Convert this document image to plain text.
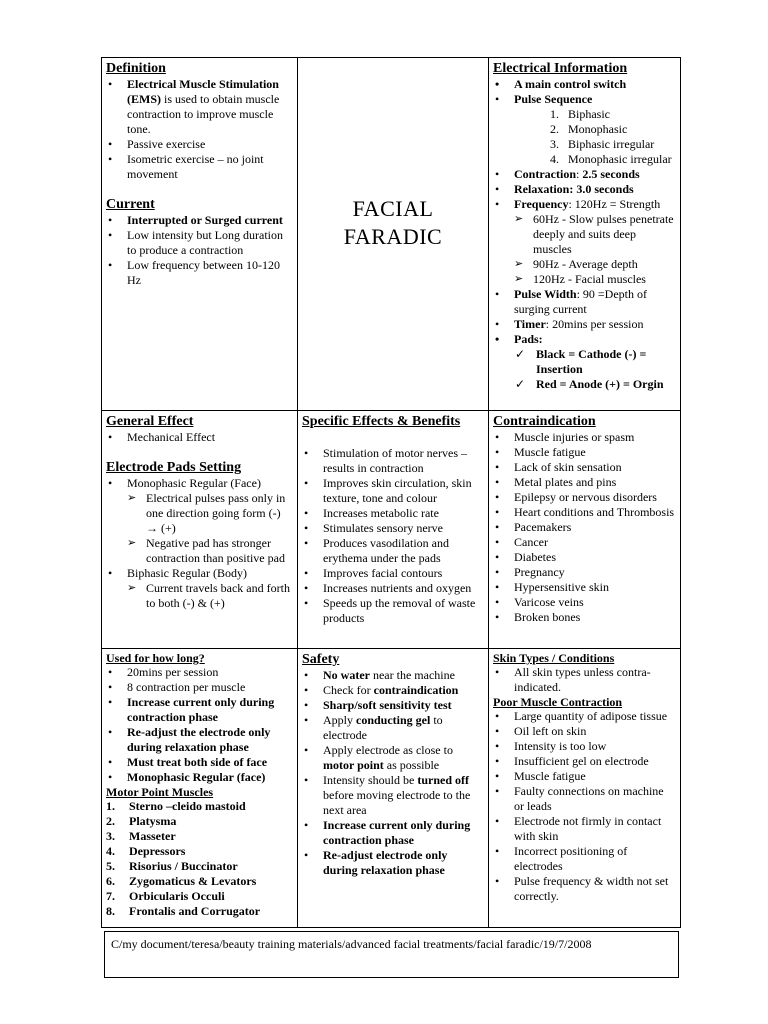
C/my document/teresa/beauty training materials/advanced facial treatments/facial faradic/19/7/2008
Definition
• Electrical Muscle Stimulation (EMS) is used to obtain muscle contraction to improve muscle tone.
• Passive exercise
• Isometric exercise – no joint movement
Current
• Interrupted or Surged current
• Low intensity but Long duration to produce a contraction
• Low frequency between 10-120 Hz
FACIAL
FARADIC
Electrical Information
• A main control switch
• Pulse Sequence
1. Biphasic
2. Monophasic
3. Biphasic irregular
4. Monophasic irregular
• Contraction: 2.5 seconds
• Relaxation: 3.0 seconds
• Frequency: 120Hz = Strength
➢ 60Hz - Slow pulses penetrate deeply and suits deep muscles
➢ 90Hz - Average depth
➢ 120Hz - Facial muscles
• Pulse Width: 90 =Depth of surging current
• Timer: 20mins per session
• Pads:
✓ Black = Cathode (-) = Insertion
✓ Red = Anode (+) = Orgin
General Effect
• Mechanical Effect
Electrode Pads Setting
• Monophasic Regular (Face)
➢ Electrical pulses pass only in one direction going form (-) → (+)
➢ Negative pad has stronger contraction than positive pad
• Biphasic Regular (Body)
➢ Current travels back and forth to both (-) & (+)
Specific Effects & Benefits
• Stimulation of motor nerves – results in contraction
• Improves skin circulation, skin texture, tone and colour
• Increases metabolic rate
• Stimulates sensory nerve
• Produces vasodilation and erythema under the pads
• Improves facial contours
• Increases nutrients and oxygen
• Speeds up the removal of waste products
Contraindication
• Muscle injuries or spasm
• Muscle fatigue
• Lack of skin sensation
• Metal plates and pins
• Epilepsy or nervous disorders
• Heart conditions and Thrombosis
• Pacemakers
• Cancer
• Diabetes
• Pregnancy
• Hypersensitive skin
• Varicose veins
• Broken bones
Used for how long?
• 20mins per session
• 8 contraction per muscle
• Increase current only during contraction phase
• Re-adjust the electrode only during relaxation phase
• Must treat both side of face
• Monophasic Regular (face)
Motor Point Muscles
1. Sterno –cleido mastoid
2. Platysma
3. Masseter
4. Depressors
5. Risorius / Buccinator
6. Zygomaticus & Levators
7. Orbicularis Occuli
8. Frontalis and Corrugator
Safety
• No water near the machine
• Check for contraindication
• Sharp/soft sensitivity test
• Apply conducting gel to electrode
• Apply electrode as close to motor point as possible
• Intensity should be turned off before moving electrode to the next area
• Increase current only during contraction phase
• Re-adjust electrode only during relaxation phase
Skin Types / Conditions
• All skin types unless contra-indicated.
Poor Muscle Contraction
• Large quantity of adipose tissue
• Oil left on skin
• Intensity is too low
• Insufficient gel on electrode
• Muscle fatigue
• Faulty connections on machine or leads
• Electrode not firmly in contact with skin
• Incorrect positioning of electrodes
• Pulse frequency & width not set correctly.
